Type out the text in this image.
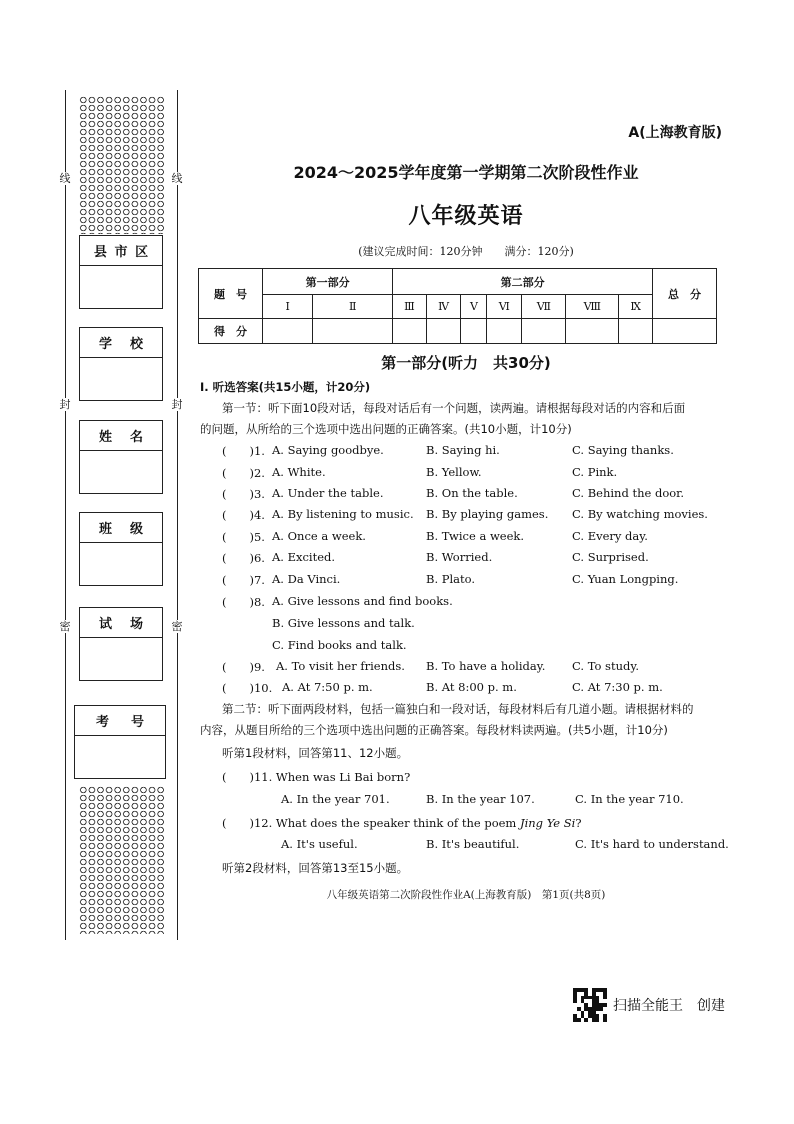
线
封
密
线
封
密
县 市 区
学 校
姓 名
班 级
试 场
考 号
A(上海教育版)
2024～2025学年度第一学期第二次阶段性作业
八年级英语
(建议完成时间：120分钟　　满分：120分)
题　号	第一部分		第二部分							总　分
	Ⅰ	Ⅱ	Ⅲ	Ⅳ	Ⅴ	Ⅵ	Ⅶ	Ⅷ	Ⅸ	
得　分										
第一部分(听力　共30分)
Ⅰ. 听选答案(共15小题，计20分)
第一节：听下面10段对话，每段对话后有一个问题，读两遍。请根据每段对话的内容和后面
的问题，从所给的三个选项中选出问题的正确答案。(共10小题，计10分)
(　　)1. A. Saying goodbye.	B. Saying hi.	C. Saying thanks.
(　　)2. A. White.	B. Yellow.	C. Pink.
(　　)3. A. Under the table.	B. On the table.	C. Behind the door.
(　　)4. A. By listening to music. B. By playing games. C. By watching movies.
(　　)5. A. Once a week.	B. Twice a week.	C. Every day.
(　　)6. A. Excited.	B. Worried.	C. Surprised.
(　　)7. A. Da Vinci.	B. Plato.	C. Yuan Longping.
(　　)8. A. Give lessons and find books.
B. Give lessons and talk.
C. Find books and talk.
(　　)9. A. To visit her friends. B. To have a holiday. C. To study.
(　　)10. A. At 7:50 p. m.	B. At 8:00 p. m.	C. At 7:30 p. m.
第二节：听下面两段材料，包括一篇独白和一段对话，每段材料后有几道小题。请根据材料的
内容，从题目所给的三个选项中选出问题的正确答案。每段材料读两遍。(共5小题，计10分)
听第1段材料，回答第11、12小题。
(　　)11. When was Li Bai born?
A. In the year 701.	B. In the year 107.	C. In the year 710.
(　　)12. What does the speaker think of the poem Jing Ye Si?
A. It's useful.	B. It's beautiful.	C. It's hard to understand.
听第2段材料，回答第13至15小题。
八年级英语第二次阶段性作业A(上海教育版)　第1页(共8页)
扫描全能王　创建
